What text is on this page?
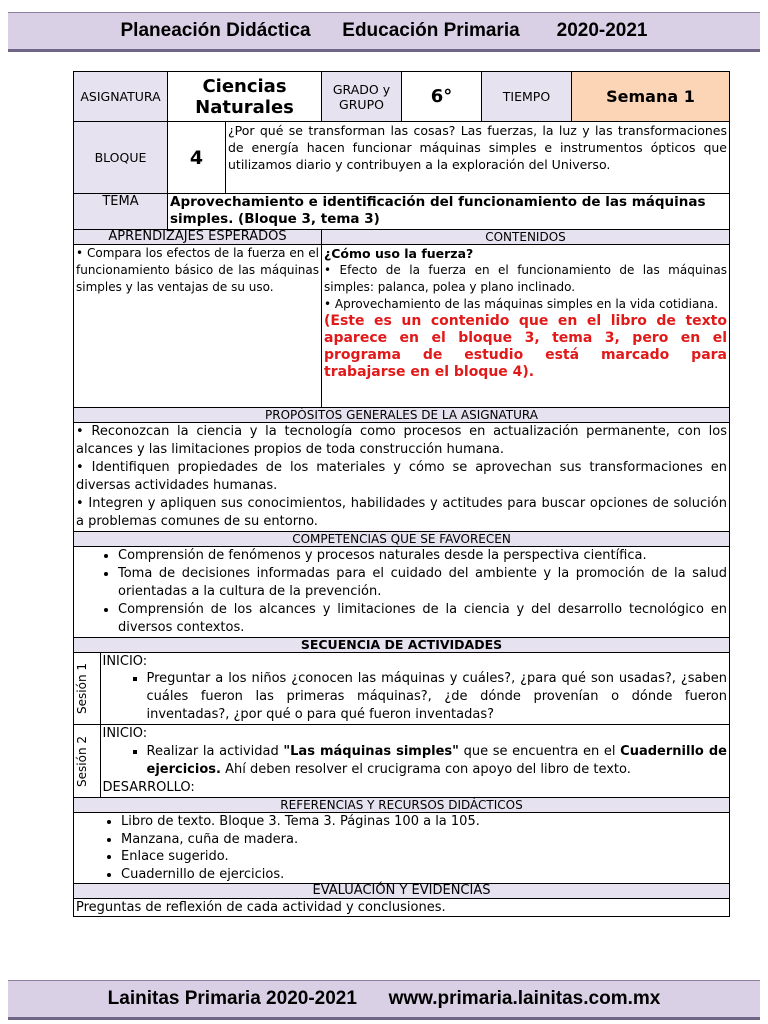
Planeación Didáctica
Educación Primaria
2020-2021
ASIGNATURA	Ciencias Naturales	GRADO y GRUPO	6°	TIEMPO	Semana 1
BLOQUE	4	¿Por qué se transforman las cosas? Las fuerzas, la luz y las transformaciones de energía hacen funcionar máquinas simples e instrumentos ópticos que utilizamos diario y contribuyen a la exploración del Universo.
TEMA	Aprovechamiento e identificación del funcionamiento de las máquinas simples. (Bloque 3, tema 3)
APRENDIZAJES ESPERADOS	CONTENIDOS
• Compara los efectos de la fuerza en el funcionamiento básico de las máquinas simples y las ventajas de su uso.	
¿Cómo uso la fuerza?
• Efecto de la fuerza en el funcionamiento de las máquinas simples: palanca, polea y plano inclinado.
• Aprovechamiento de las máquinas simples en la vida cotidiana.
(Este es un contenido que en el libro de texto aparece en el bloque 3, tema 3, pero en el programa de estudio está marcado para trabajarse en el bloque 4).

PROPÓSITOS GENERALES DE LA ASIGNATURA

• Reconozcan la ciencia y la tecnología como procesos en actualización permanente, con los alcances y las limitaciones propios de toda construcción humana.
• Identifiquen propiedades de los materiales y cómo se aprovechan sus transformaciones en diversas actividades humanas.
• Integren y apliquen sus conocimientos, habilidades y actitudes para buscar opciones de solución a problemas comunes de su entorno.

COMPETENCIAS QUE SE FAVORECEN

• Comprensión de fenómenos y procesos naturales desde la perspectiva científica.
• Toma de decisiones informadas para el cuidado del ambiente y la promoción de la salud orientadas a la cultura de la prevención.
• Comprensión de los alcances y limitaciones de la ciencia y del desarrollo tecnológico en diversos contextos.

SECUENCIA DE ACTIVIDADES

Sesión 1

INICIO:
▪ Preguntar a los niños ¿conocen las máquinas y cuáles?, ¿para qué son usadas?, ¿saben cuáles fueron las primeras máquinas?, ¿de dónde provenían o dónde fueron inventadas?, ¿por qué o para qué fueron inventadas?

Sesión 2

INICIO:
▪ Realizar la actividad "Las máquinas simples" que se encuentra en el Cuadernillo de ejercicios. Ahí deben resolver el crucigrama con apoyo del libro de texto.
DESARROLLO:

REFERENCIAS Y RECURSOS DIDÁCTICOS

• Libro de texto. Bloque 3. Tema 3. Páginas 100 a la 105.
• Manzana, cuña de madera.
• Enlace sugerido.
• Cuadernillo de ejercicios.

EVALUACIÓN Y EVIDENCIAS
Preguntas de reflexión de cada actividad y conclusiones.
Lainitas Primaria 2020-2021
www.primaria.lainitas.com.mx
